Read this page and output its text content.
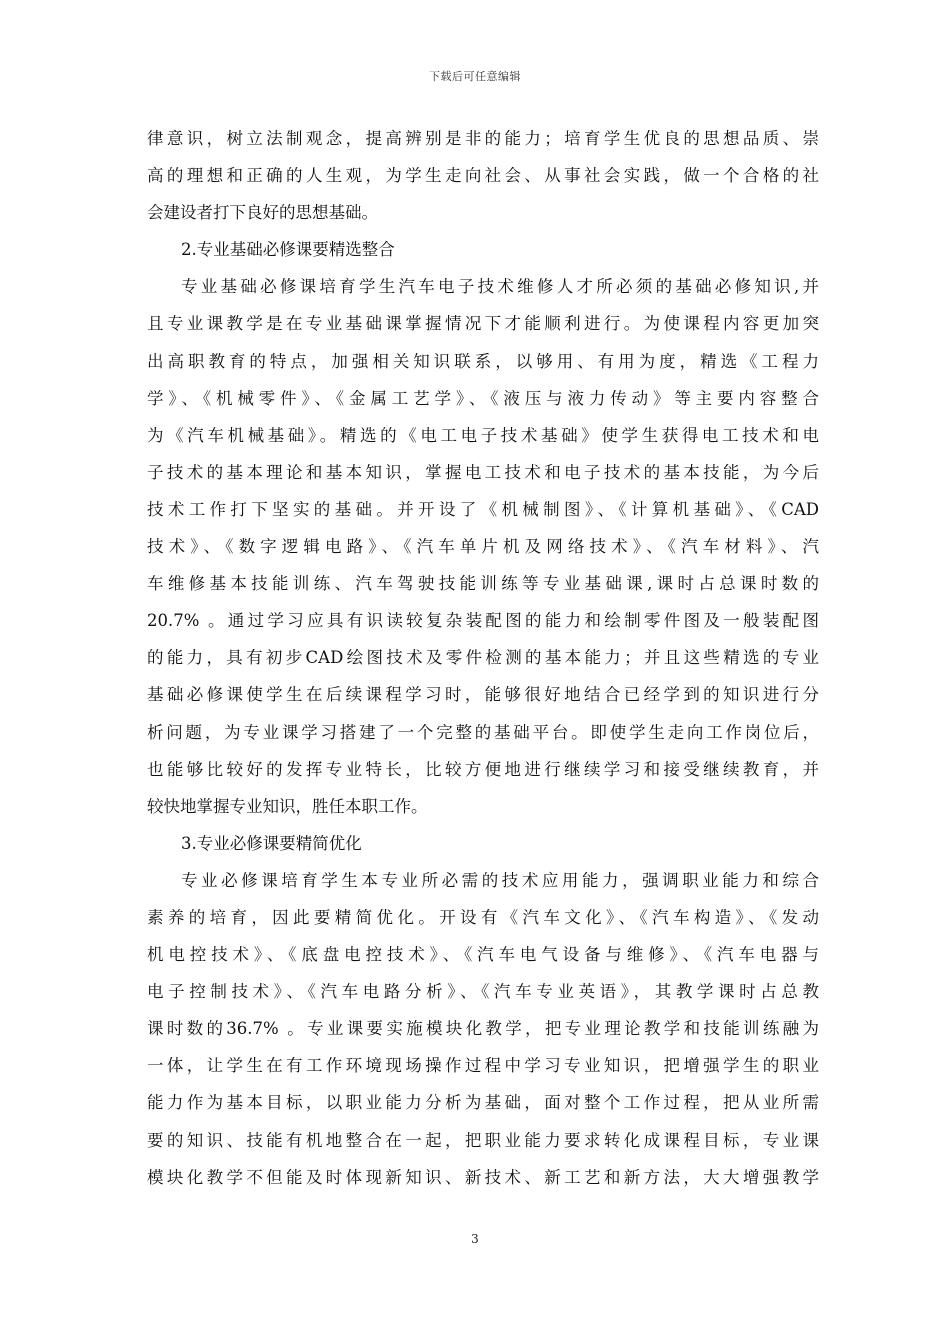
下载后可任意编辑
律意识，树立法制观念，提高辨别是非的能力；培育学生优良的思想品质、崇
高的理想和正确的人生观，为学生走向社会、从事社会实践，做一个合格的社
会建设者打下良好的思想基础。
2.专业基础必修课要精选整合
专业基础必修课培育学生汽车电子技术维修人才所必须的基础必修知识,并
且专业课教学是在专业基础课掌握情况下才能顺利进行。为使课程内容更加突
出高职教育的特点，加强相关知识联系，以够用、有用为度，精选《工程力
学》、《机械零件》、《金属工艺学》、《液压与液力传动》等主要内容整合
为《汽车机械基础》。精选的《电工电子技术基础》使学生获得电工技术和电
子技术的基本理论和基本知识，掌握电工技术和电子技术的基本技能，为今后
技术工作打下坚实的基础。并开设了《机械制图》、《计算机基础》、《CAD
技术》、《数字逻辑电路》、《汽车单片机及网络技术》、《汽车材料》、汽
车维修基本技能训练、汽车驾驶技能训练等专业基础课,课时占总课时数的
20.7% 。通过学习应具有识读较复杂装配图的能力和绘制零件图及一般装配图
的能力，具有初步CAD绘图技术及零件检测的基本能力；并且这些精选的专业
基础必修课使学生在后续课程学习时，能够很好地结合已经学到的知识进行分
析问题，为专业课学习搭建了一个完整的基础平台。即使学生走向工作岗位后，
也能够比较好的发挥专业特长，比较方便地进行继续学习和接受继续教育，并
较快地掌握专业知识，胜任本职工作。
3.专业必修课要精简优化
专业必修课培育学生本专业所必需的技术应用能力，强调职业能力和综合
素养的培育，因此要精简优化。开设有《汽车文化》、《汽车构造》、《发动
机电控技术》、《底盘电控技术》、《汽车电气设备与维修》、《汽车电器与
电子控制技术》、《汽车电路分析》、《汽车专业英语》，其教学课时占总教
课时数的36.7% 。专业课要实施模块化教学，把专业理论教学和技能训练融为
一体，让学生在有工作环境现场操作过程中学习专业知识，把增强学生的职业
能力作为基本目标，以职业能力分析为基础，面对整个工作过程，把从业所需
要的知识、技能有机地整合在一起，把职业能力要求转化成课程目标，专业课
模块化教学不但能及时体现新知识、新技术、新工艺和新方法，大大增强教学
3
